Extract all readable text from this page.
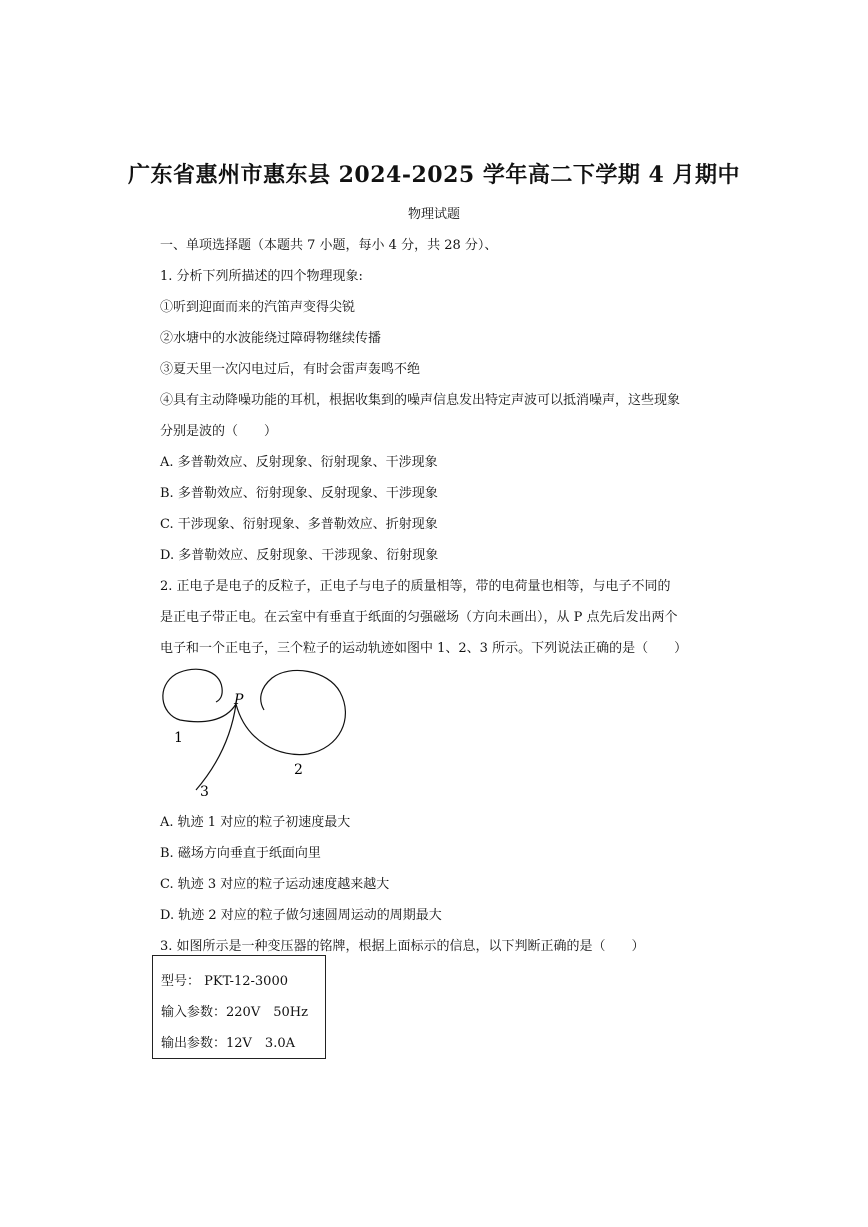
广东省惠州市惠东县 2024-2025 学年高二下学期 4 月期中
物理试题
一、单项选择题（本题共 7 小题，每小 4 分，共 28 分）、
1. 分析下列所描述的四个物理现象:
①听到迎面而来的汽笛声变得尖锐
②水塘中的水波能绕过障碍物继续传播
③夏天里一次闪电过后，有时会雷声轰鸣不绝
④具有主动降噪功能的耳机，根据收集到的噪声信息发出特定声波可以抵消噪声，这些现象
分别是波的（　　）
A. 多普勒效应、反射现象、衍射现象、干涉现象
B. 多普勒效应、衍射现象、反射现象、干涉现象
C. 干涉现象、衍射现象、多普勒效应、折射现象
D. 多普勒效应、反射现象、干涉现象、衍射现象
2. 正电子是电子的反粒子，正电子与电子的质量相等，带的电荷量也相等，与电子不同的
是正电子带正电。在云室中有垂直于纸面的匀强磁场（方向未画出），从 P 点先后发出两个
电子和一个正电子，三个粒子的运动轨迹如图中 1、2、3 所示。下列说法正确的是（　　）
P
1
2
3
A. 轨迹 1 对应的粒子初速度最大
B. 磁场方向垂直于纸面向里
C. 轨迹 3 对应的粒子运动速度越来越大
D. 轨迹 2 对应的粒子做匀速圆周运动的周期最大
3. 如图所示是一种变压器的铭牌，根据上面标示的信息，以下判断正确的是（　　）
型号： PKT-12-3000
输入参数：220V　50Hz
输出参数：12V　3.0A
